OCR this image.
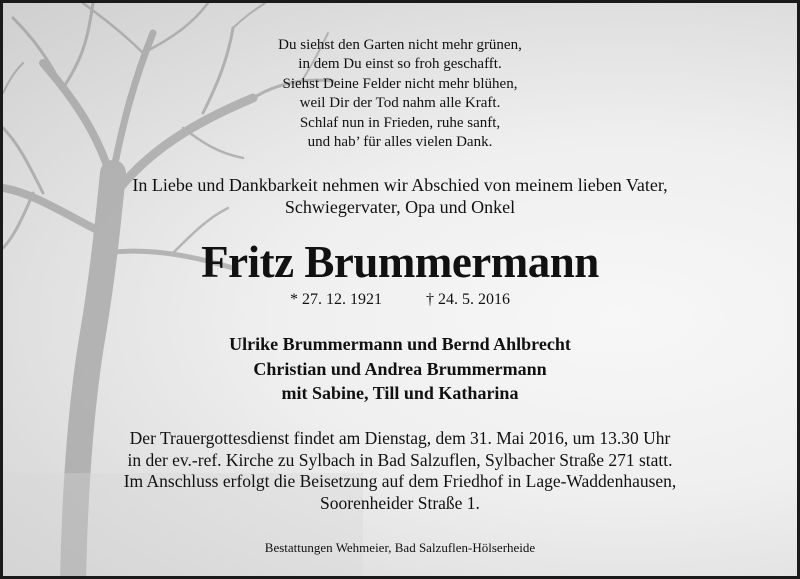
Du siehst den Garten nicht mehr grünen,
in dem Du einst so froh geschafft.
Siehst Deine Felder nicht mehr blühen,
weil Dir der Tod nahm alle Kraft.
Schlaf nun in Frieden, ruhe sanft,
und hab’ für alles vielen Dank.
In Liebe und Dankbarkeit nehmen wir Abschied von meinem lieben Vater,
Schwiegervater, Opa und Onkel
Fritz Brummermann
* 27. 12. 1921	† 24. 5. 2016
Ulrike Brummermann und Bernd Ahlbrecht
Christian und Andrea Brummermann
mit Sabine, Till und Katharina
Der Trauergottesdienst findet am Dienstag, dem 31. Mai 2016, um 13.30 Uhr
in der ev.-ref. Kirche zu Sylbach in Bad Salzuflen, Sylbacher Straße 271 statt.
Im Anschluss erfolgt die Beisetzung auf dem Friedhof in Lage-Waddenhausen,
Soorenheider Straße 1.
Bestattungen Wehmeier, Bad Salzuflen-Hölserheide
